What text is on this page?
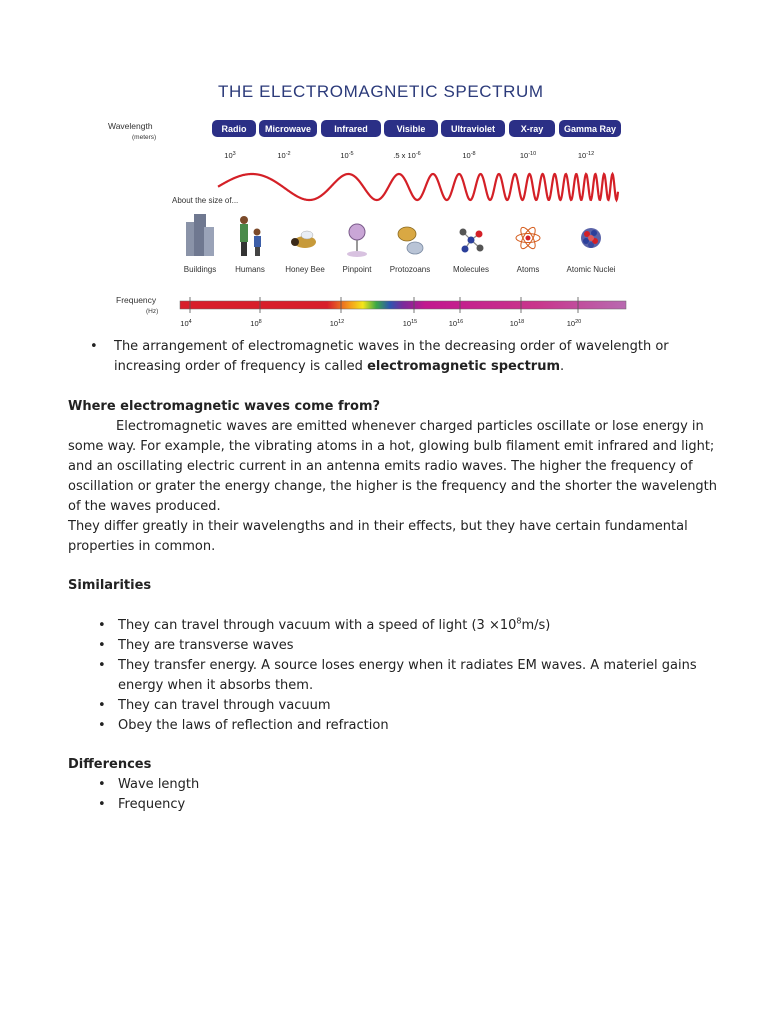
THE ELECTROMAGNETIC SPECTRUM
Wavelength
(meters)
Radio Microwave	Infrared	Visible	Ultraviolet	X-ray Gamma Ray
$10^3$	$10^{-2}$	$10^{-5}$	.5 x $10^{-6}$	$10^{-8}$	$10^{-10}$	$10^{-12}$
About the size of...
Buildings Humans	Honey Bee Pinpoint Protozoans	Molecules	Atoms	Atomic Nuclei
Frequency
(Hz)
$10^4$	$10^8$	$10^{12}$	$10^{15}$	$10^{16}$	$10^{18}$	$10^{20}$
• The arrangement of electromagnetic waves in the decreasing order of wavelength or increasing order of frequency is called electromagnetic spectrum.
Where electromagnetic waves come from?
Electromagnetic waves are emitted whenever charged particles oscillate or lose energy in some way. For example, the vibrating atoms in a hot, glowing bulb filament emit infrared and light; and an oscillating electric current in an antenna emits radio waves. The higher the frequency of oscillation or grater the energy change, the higher is the frequency and the shorter the wavelength of the waves produced.
They differ greatly in their wavelengths and in their effects, but they have certain fundamental properties in common.
Similarities
• They can travel through vacuum with a speed of light $(3 \times 10^8m/s)$
• They are transverse waves
• They transfer energy. A source loses energy when it radiates EM waves. A materiel gains energy when it absorbs them.
• They can travel through vacuum
• Obey the laws of reflection and refraction
Differences
• Wave length
• Frequency
